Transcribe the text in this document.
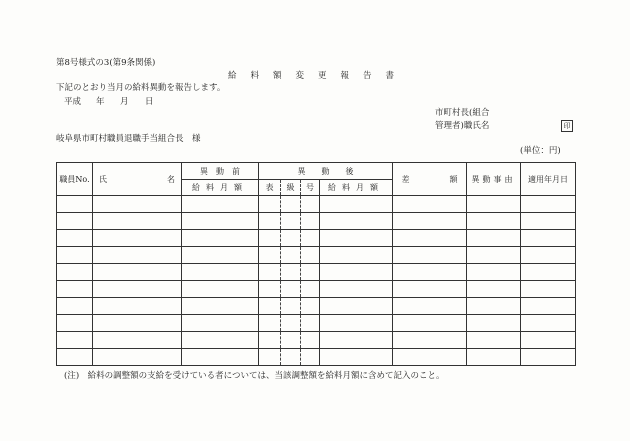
第8号様式の3(第9条関係)
給料額変更報告書
下記のとおり当月の給料異動を報告します。
平成 年 月 日
市町村長(組合
管理者)職氏名	印
岐阜県市町村職員退職手当組合長　様
(単位：円)
職員No.	氏 名	異　動　前	異　　動　　後				差 額	異動事由	適用年月日
		給料月額	表	級	号	給料月額			

(注)　給料の調整額の支給を受けている者については、当該調整額を給料月額に含めて記入のこと。
